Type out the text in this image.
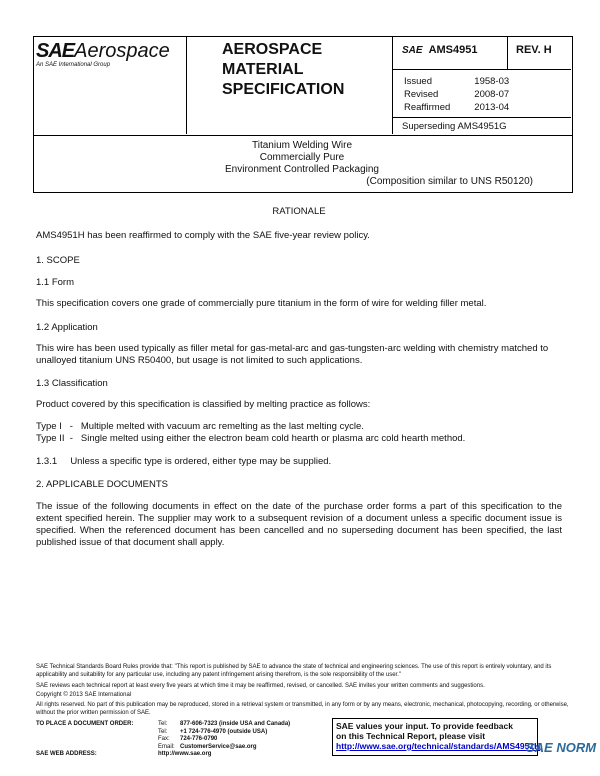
SAEAerospace
An SAE International Group
AEROSPACE
MATERIAL
SPECIFICATION
SAE AMS4951	REV. H
Issued	1958-03
Revised	2008-07
Reaffirmed	2013-04
Superseding AMS4951G
Titanium Welding Wire
Commercially Pure
Environment Controlled Packaging
(Composition similar to UNS R50120)
RATIONALE
AMS4951H has been reaffirmed to comply with the SAE five-year review policy.
1. SCOPE
1.1 Form
This specification covers one grade of commercially pure titanium in the form of wire for welding filler metal.
1.2 Application
This wire has been used typically as filler metal for gas-metal-arc and gas-tungsten-arc welding with chemistry matched to unalloyed titanium UNS R50400, but usage is not limited to such applications.
1.3 Classification
Product covered by this specification is classified by melting practice as follows:
Type I   -   Multiple melted with vacuum arc remelting as the last melting cycle.
Type II  -   Single melted using either the electron beam cold hearth or plasma arc cold hearth method.
1.3.1     Unless a specific type is ordered, either type may be supplied.
2. APPLICABLE DOCUMENTS
The issue of the following documents in effect on the date of the purchase order forms a part of this specification to the extent specified herein. The supplier may work to a subsequent revision of a document unless a specific document issue is specified. When the referenced document has been cancelled and no superseding document has been specified, the last published issue of that document shall apply.
SAE Technical Standards Board Rules provide that: "This report is published by SAE to advance the state of technical and engineering sciences. The use of this report is entirely voluntary, and its applicability and suitability for any particular use, including any patent infringement arising therefrom, is the sole responsibility of the user."
SAE reviews each technical report at least every five years at which time it may be reaffirmed, revised, or cancelled. SAE invites your written comments and suggestions.
Copyright © 2013 SAE International
All rights reserved. No part of this publication may be reproduced, stored in a retrieval system or transmitted, in any form or by any means, electronic, mechanical, photocopying, recording, or otherwise, without the prior written permission of SAE.
TO PLACE A DOCUMENT ORDER:	Tel:	877-606-7323 (inside USA and Canada)
	Tel:	+1 724-776-4970 (outside USA)
	Fax:	724-776-0790
	Email:	CustomerService@sae.org
SAE WEB ADDRESS:	http://www.sae.org	
SAE values your input. To provide feedback
on this Technical Report, please visit
http://www.sae.org/technical/standards/AMS4951H
SAE NORM
